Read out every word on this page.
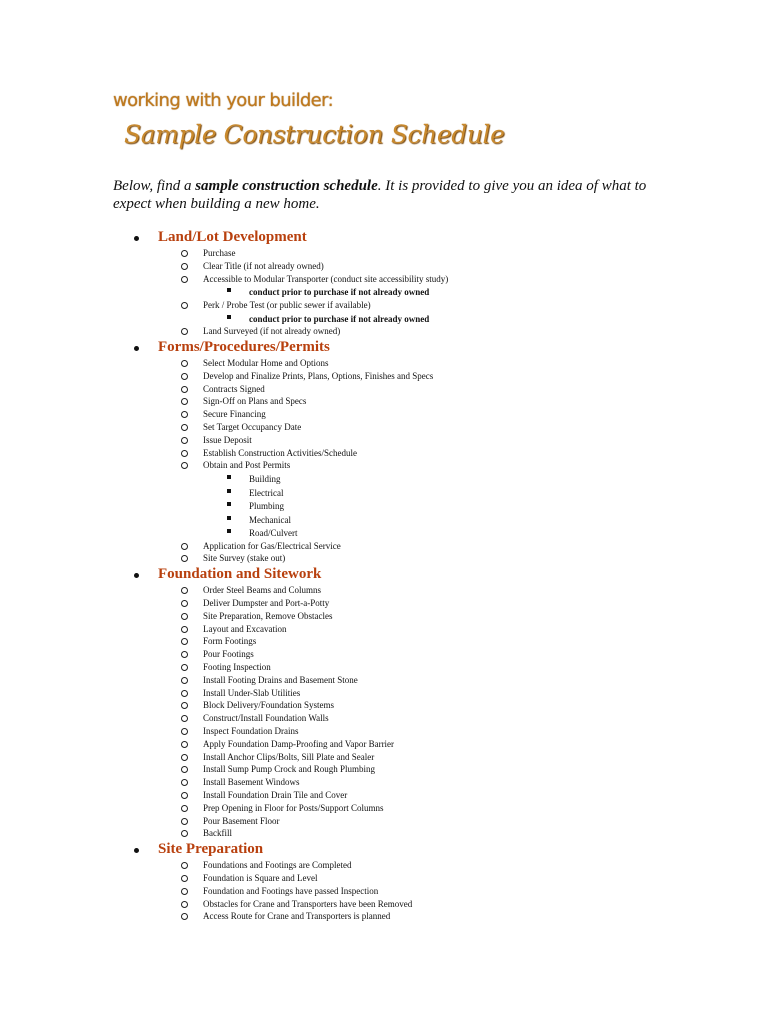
working with your builder:
Sample Construction Schedule
Below, find a sample construction schedule. It is provided to give you an idea of what to expect when building a new home.
Land/Lot Development
Purchase
Clear Title (if not already owned)
Accessible to Modular Transporter (conduct site accessibility study)
conduct prior to purchase if not already owned
Perk / Probe Test (or public sewer if available)
conduct prior to purchase if not already owned
Land Surveyed (if not already owned)
Forms/Procedures/Permits
Select Modular Home and Options
Develop and Finalize Prints, Plans, Options, Finishes and Specs
Contracts Signed
Sign-Off on Plans and Specs
Secure Financing
Set Target Occupancy Date
Issue Deposit
Establish Construction Activities/Schedule
Obtain and Post Permits
Building
Electrical
Plumbing
Mechanical
Road/Culvert
Application for Gas/Electrical Service
Site Survey (stake out)
Foundation and Sitework
Order Steel Beams and Columns
Deliver Dumpster and Port-a-Potty
Site Preparation, Remove Obstacles
Layout and Excavation
Form Footings
Pour Footings
Footing Inspection
Install Footing Drains and Basement Stone
Install Under-Slab Utilities
Block Delivery/Foundation Systems
Construct/Install Foundation Walls
Inspect Foundation Drains
Apply Foundation Damp-Proofing and Vapor Barrier
Install Anchor Clips/Bolts, Sill Plate and Sealer
Install Sump Pump Crock and Rough Plumbing
Install Basement Windows
Install Foundation Drain Tile and Cover
Prep Opening in Floor for Posts/Support Columns
Pour Basement Floor
Backfill
Site Preparation
Foundations and Footings are Completed
Foundation is Square and Level
Foundation and Footings have passed Inspection
Obstacles for Crane and Transporters have been Removed
Access Route for Crane and Transporters is planned
